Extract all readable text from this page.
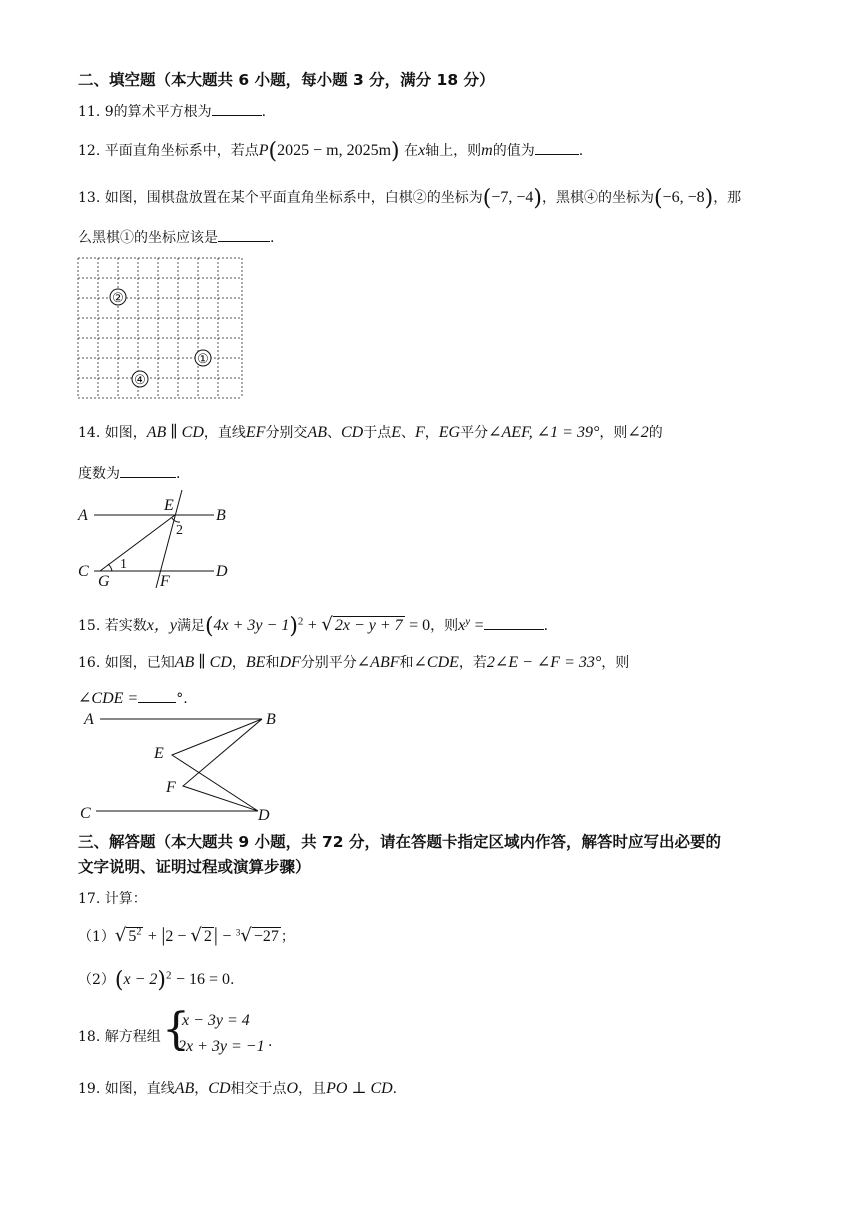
二、填空题（本大题共 6 小题，每小题 3 分，满分 18 分）
11. 9的算术平方根为	.
12. 平面直角坐标系中，若点P(2025 − m, 2025m) 在x轴上，则m的值为	.
13. 如图，围棋盘放置在某个平面直角坐标系中，白棋②的坐标为(−7, −4)，黑棋④的坐标为(−6, −8)，那
么黑棋①的坐标应该是	.
②
①
④
14. 如图，AB ∥ CD，直线EF分别交AB、CD于点E、F，EG平分∠AEF, ∠1 = 39°，则∠2的
度数为	.
A	B
C	D
E
F
G
1
2
15. 若实数x，y满足$(4x + 3y - 1)^2$ + √ 2x − y + 7 = 0，则$x^y$ =	.
16. 如图，已知AB ∥ CD，BE和DF分别平分∠ABF和∠CDE，若2∠E − ∠F = 33°，则
∠CDE =	°.
A	B
C	D
E
F
三、解答题（本大题共 9 小题，共 72 分，请在答题卡指定区域内作答，解答时应写出必要的
文字说明、证明过程或演算步骤）
17. 计算：
（1）√ $5^2 + |2$ − √ 2 | − $^3$√ −27 ；
$(2)(x - 2)^2 - 16 = 0$.
18. 解方程组 {
x − 3y = 4
2x + 3y = −1 .
19. 如图，直线AB，CD相交于点O，且PO ⊥ CD.
